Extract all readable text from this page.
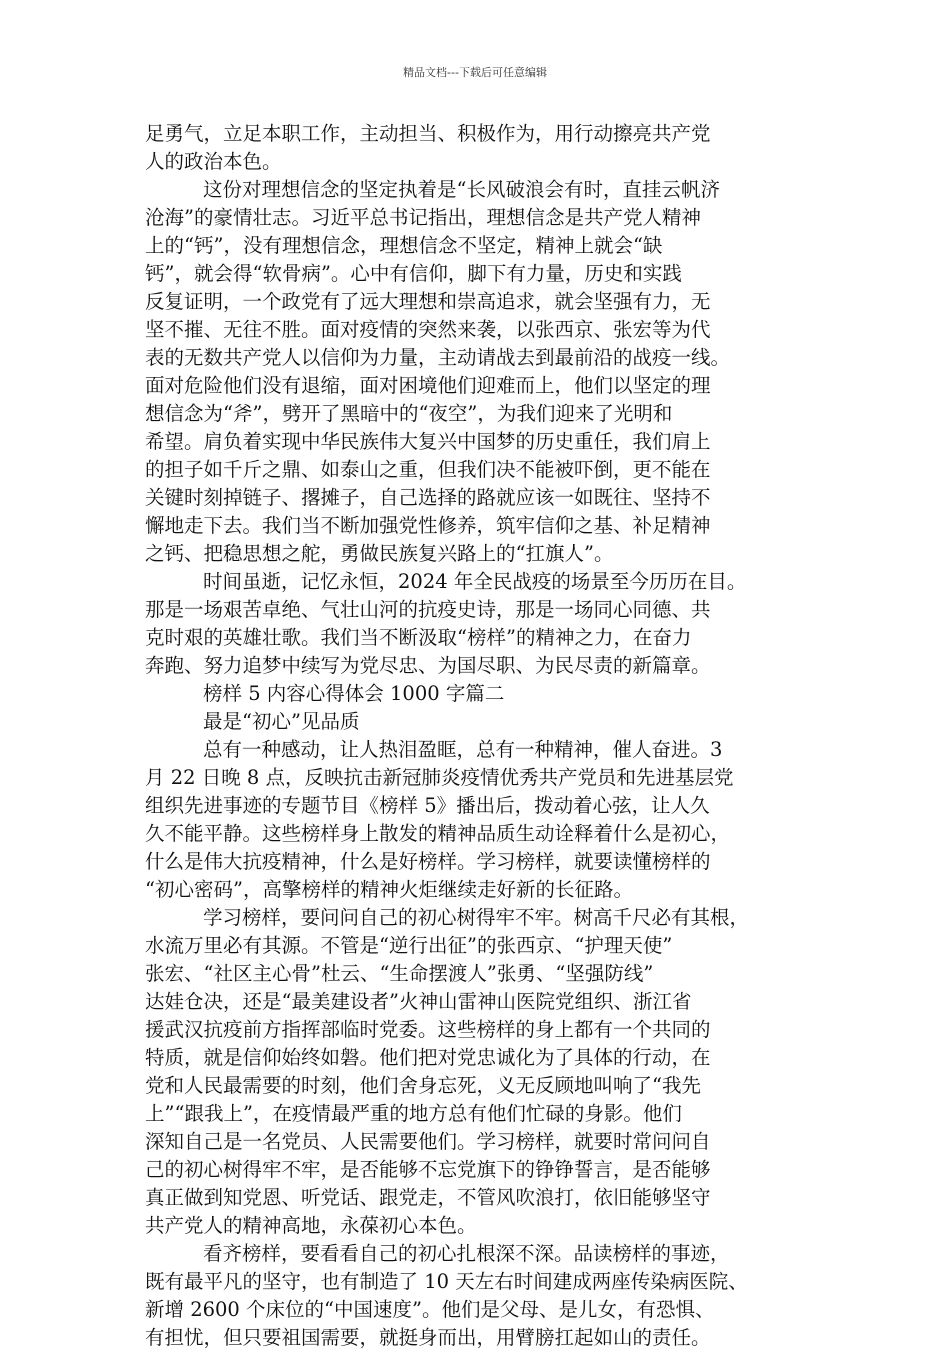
精品文档---下载后可任意编辑
足勇气，立足本职工作，主动担当、积极作为，用行动擦亮共产党
人的政治本色。
这份对理想信念的坚定执着是“长风破浪会有时，直挂云帆济
沧海”的豪情壮志。习近平总书记指出，理想信念是共产党人精神
上的“钙”，没有理想信念，理想信念不坚定，精神上就会“缺
钙”，就会得“软骨病”。心中有信仰，脚下有力量，历史和实践
反复证明，一个政党有了远大理想和崇高追求，就会坚强有力，无
坚不摧、无往不胜。面对疫情的突然来袭，以张西京、张宏等为代
表的无数共产党人以信仰为力量，主动请战去到最前沿的战疫一线。
面对危险他们没有退缩，面对困境他们迎难而上，他们以坚定的理
想信念为“斧”，劈开了黑暗中的“夜空”，为我们迎来了光明和
希望。肩负着实现中华民族伟大复兴中国梦的历史重任，我们肩上
的担子如千斤之鼎、如泰山之重，但我们决不能被吓倒，更不能在
关键时刻掉链子、撂摊子，自己选择的路就应该一如既往、坚持不
懈地走下去。我们当不断加强党性修养，筑牢信仰之基、补足精神
之钙、把稳思想之舵，勇做民族复兴路上的“扛旗人”。
时间虽逝，记忆永恒，2024 年全民战疫的场景至今历历在目。
那是一场艰苦卓绝、气壮山河的抗疫史诗，那是一场同心同德、共
克时艰的英雄壮歌。我们当不断汲取“榜样”的精神之力，在奋力
奔跑、努力追梦中续写为党尽忠、为国尽职、为民尽责的新篇章。
榜样 5 内容心得体会 1000 字篇二
最是“初心”见品质
总有一种感动，让人热泪盈眶，总有一种精神，催人奋进。3
月 22 日晚 8 点，反映抗击新冠肺炎疫情优秀共产党员和先进基层党
组织先进事迹的专题节目《榜样 5》播出后，拨动着心弦，让人久
久不能平静。这些榜样身上散发的精神品质生动诠释着什么是初心，
什么是伟大抗疫精神，什么是好榜样。学习榜样，就要读懂榜样的
“初心密码”，高擎榜样的精神火炬继续走好新的长征路。
学习榜样，要问问自己的初心树得牢不牢。树高千尺必有其根，
水流万里必有其源。不管是“逆行出征”的张西京、“护理天使”
张宏、“社区主心骨”杜云、“生命摆渡人”张勇、“坚强防线”
达娃仓决，还是“最美建设者”火神山雷神山医院党组织、浙江省
援武汉抗疫前方指挥部临时党委。这些榜样的身上都有一个共同的
特质，就是信仰始终如磐。他们把对党忠诚化为了具体的行动，在
党和人民最需要的时刻，他们舍身忘死，义无反顾地叫响了“我先
上”“跟我上”，在疫情最严重的地方总有他们忙碌的身影。他们
深知自己是一名党员、人民需要他们。学习榜样，就要时常问问自
己的初心树得牢不牢，是否能够不忘党旗下的铮铮誓言，是否能够
真正做到知党恩、听党话、跟党走，不管风吹浪打，依旧能够坚守
共产党人的精神高地，永葆初心本色。
看齐榜样，要看看自己的初心扎根深不深。品读榜样的事迹，
既有最平凡的坚守，也有制造了 10 天左右时间建成两座传染病医院、
新增 2600 个床位的“中国速度”。他们是父母、是儿女，有恐惧、
有担忧，但只要祖国需要，就挺身而出，用臂膀扛起如山的责任。
